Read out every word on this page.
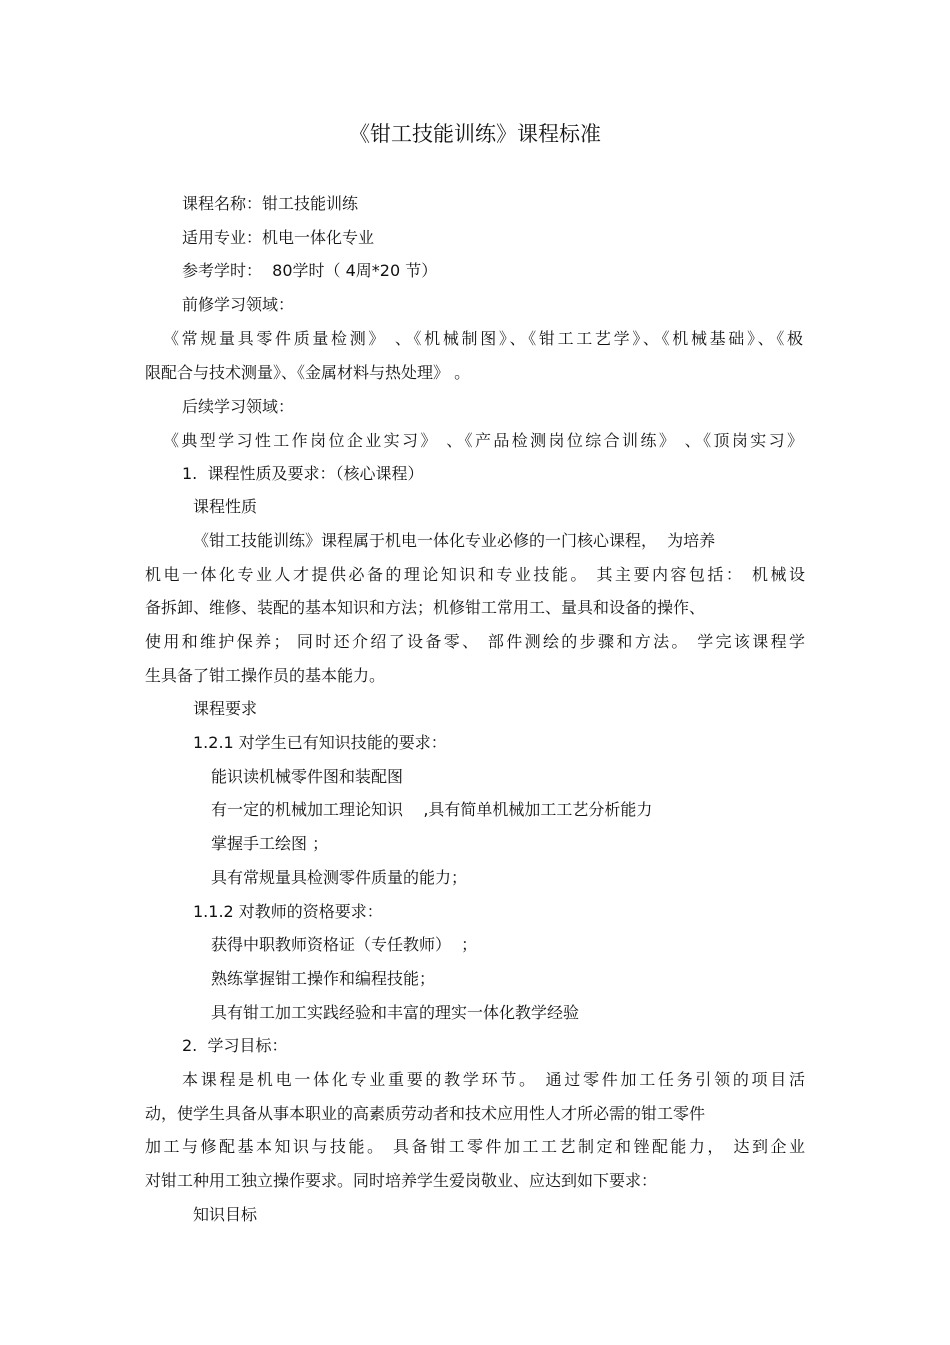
《钳工技能训练》课程标准
课程名称：钳工技能训练
适用专业：机电一体化专业
参考学时：  80学时（ 4周*20 节）
前修学习领域：
《常规量具零件质量检测》 、《机械制图》、《钳工工艺学》、《机械基础》、《极
限配合与技术测量》、《金属材料与热处理》 。
后续学习领域：
《典型学习性工作岗位企业实习》 、《产品检测岗位综合训练》 、《顶岗实习》
1.  课程性质及要求：（核心课程）
课程性质
《钳工技能训练》课程属于机电一体化专业必修的一门核心课程，  为培养
机电一体化专业人才提供必备的理论知识和专业技能。 其主要内容包括： 机械设
备拆卸、维修、装配的基本知识和方法；机修钳工常用工、量具和设备的操作、
使用和维护保养； 同时还介绍了设备零、 部件测绘的步骤和方法。 学完该课程学
生具备了钳工操作员的基本能力。
课程要求
1.2.1 对学生已有知识技能的要求：
能识读机械零件图和装配图
有一定的机械加工理论知识    ,具有简单机械加工工艺分析能力
掌握手工绘图 ；
具有常规量具检测零件质量的能力；
1.1.2 对教师的资格要求：
获得中职教师资格证（专任教师）  ；
熟练掌握钳工操作和编程技能；
具有钳工加工实践经验和丰富的理实一体化教学经验
2.  学习目标：
本课程是机电一体化专业重要的教学环节。 通过零件加工任务引领的项目活
动，使学生具备从事本职业的高素质劳动者和技术应用性人才所必需的钳工零件
加工与修配基本知识与技能。 具备钳工零件加工工艺制定和锉配能力， 达到企业
对钳工种用工独立操作要求。同时培养学生爱岗敬业、应达到如下要求：
知识目标
